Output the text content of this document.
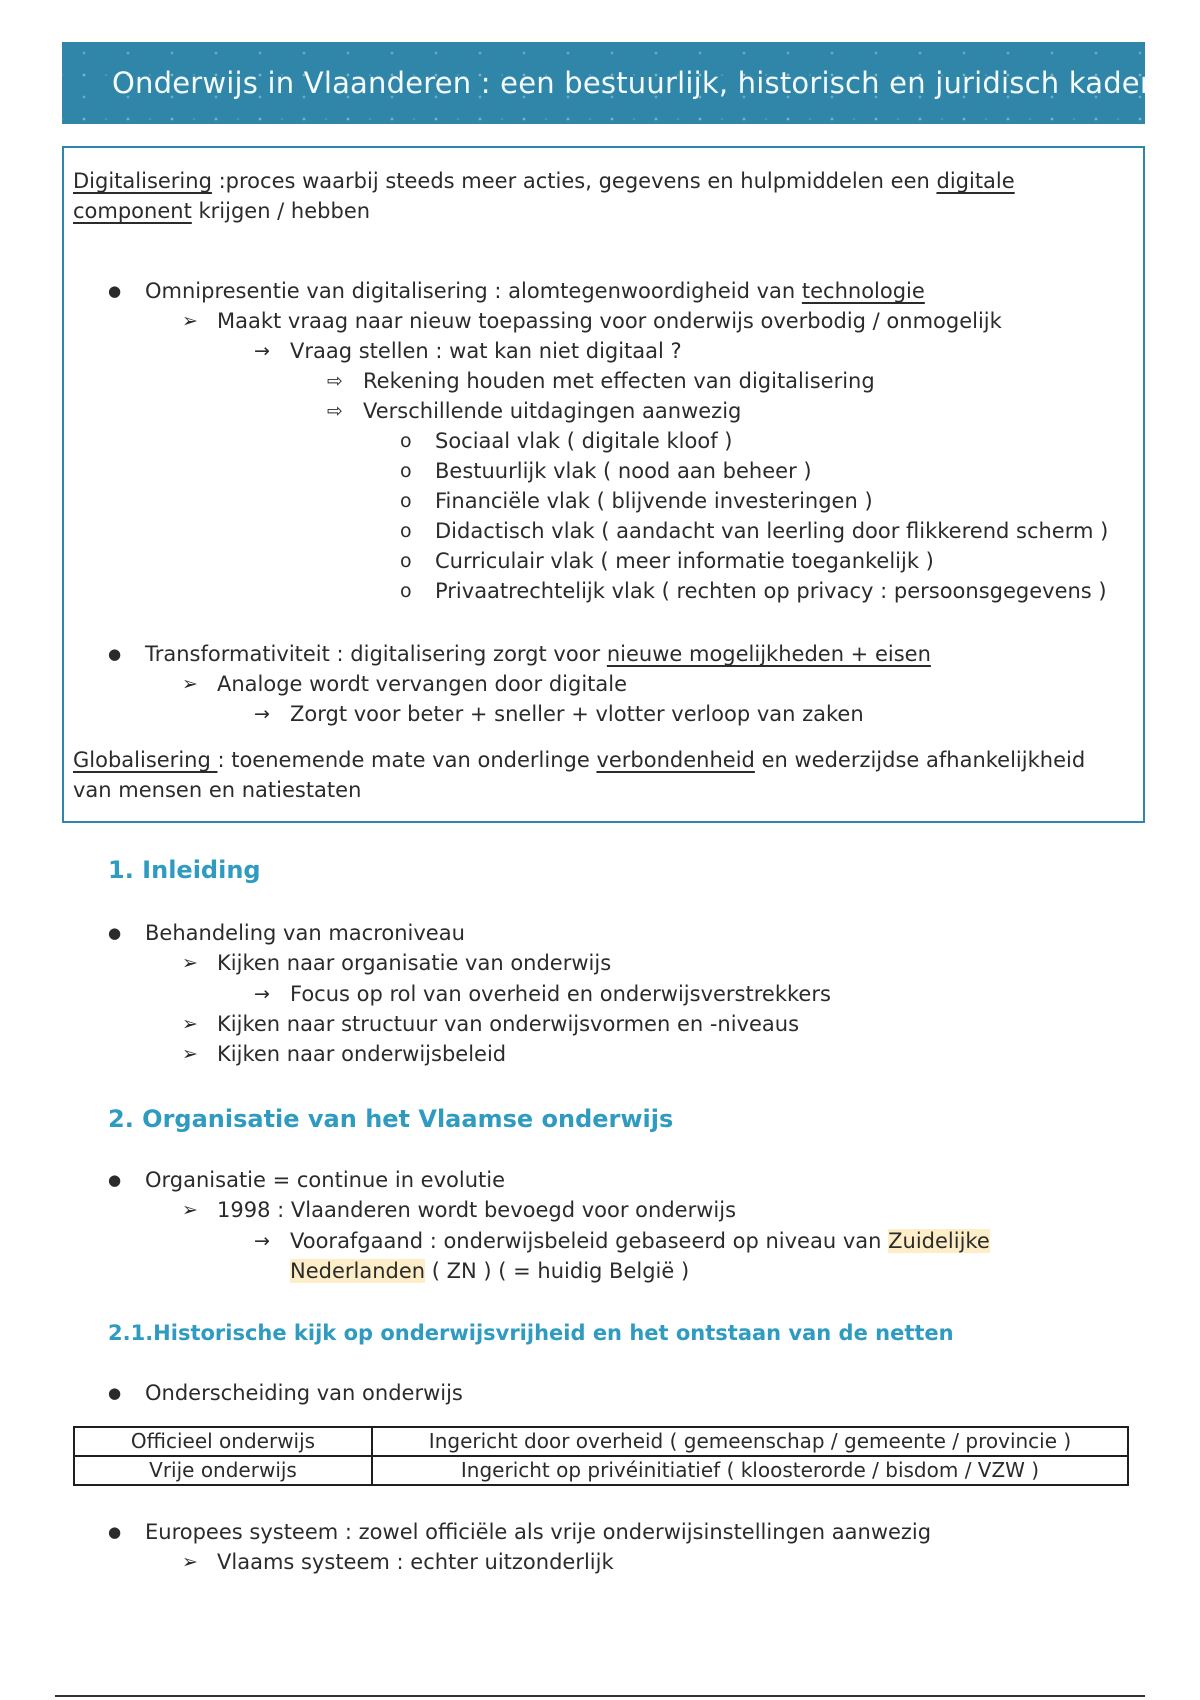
Onderwijs in Vlaanderen : een bestuurlijk, historisch en juridisch kader
Digitalisering :proces waarbij steeds meer acties, gegevens en hulpmiddelen een digitale
component krijgen / hebben
● Omnipresentie van digitalisering : alomtegenwoordigheid van technologie
➢ Maakt vraag naar nieuw toepassing voor onderwijs overbodig / onmogelijk
→ Vraag stellen : wat kan niet digitaal ?
⇨ Rekening houden met effecten van digitalisering
⇨ Verschillende uitdagingen aanwezig
o Sociaal vlak ( digitale kloof )
o Bestuurlijk vlak ( nood aan beheer )
o Financiële vlak ( blijvende investeringen )
o Didactisch vlak ( aandacht van leerling door flikkerend scherm )
o Curriculair vlak ( meer informatie toegankelijk )
o Privaatrechtelijk vlak ( rechten op privacy : persoonsgegevens )
● Transformativiteit : digitalisering zorgt voor nieuwe mogelijkheden + eisen
➢ Analoge wordt vervangen door digitale
→ Zorgt voor beter + sneller + vlotter verloop van zaken
Globalisering : toenemende mate van onderlinge verbondenheid en wederzijdse afhankelijkheid
van mensen en natiestaten
1. Inleiding
● Behandeling van macroniveau
➢ Kijken naar organisatie van onderwijs
→ Focus op rol van overheid en onderwijsverstrekkers
➢ Kijken naar structuur van onderwijsvormen en -niveaus
➢ Kijken naar onderwijsbeleid
2. Organisatie van het Vlaamse onderwijs
● Organisatie = continue in evolutie
➢ 1998 : Vlaanderen wordt bevoegd voor onderwijs
→ Voorafgaand : onderwijsbeleid gebaseerd op niveau van Zuidelijke
Nederlanden ( ZN ) ( = huidig België )
2.1.Historische kijk op onderwijsvrijheid en het ontstaan van de netten
● Onderscheiding van onderwijs
Officieel onderwijs	Ingericht door overheid ( gemeenschap / gemeente / provincie )
Vrije onderwijs	Ingericht op privéinitiatief ( kloosterorde / bisdom / VZW )
● Europees systeem : zowel officiële als vrije onderwijsinstellingen aanwezig
➢ Vlaams systeem : echter uitzonderlijk
